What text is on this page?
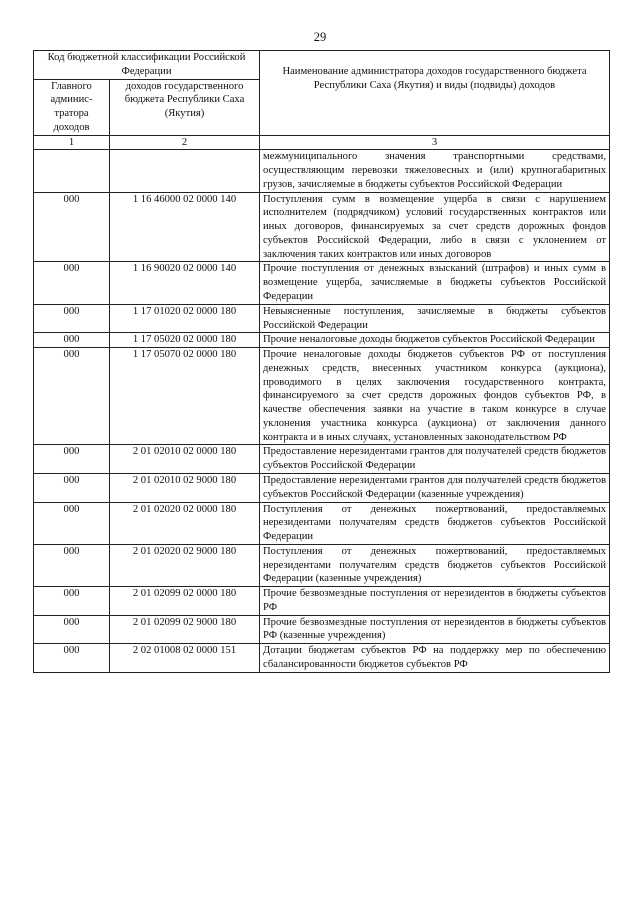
29
Код бюджетной классификации Российской Федерации		Наименование администратора доходов государственного бюджета Республики Саха (Якутия) и виды (подвиды) доходов
Главного админис-тратора доходов	доходов государственного бюджета Республики Саха (Якутия)	
1	2	3
		межмуниципального значения транспортными средствами, осуществляющим перевозки тяжеловесных и (или) крупногабаритных грузов, зачисляемые в бюджеты субъектов Российской Федерации
000	1 16 46000 02 0000 140	Поступления сумм в возмещение ущерба в связи с нарушением исполнителем (подрядчиком) условий государственных контрактов или иных договоров, финансируемых за счет средств дорожных фондов субъектов Российской Федерации, либо в связи с уклонением от заключения таких контрактов или иных договоров
000	1 16 90020 02 0000 140	Прочие поступления от денежных взысканий (штрафов) и иных сумм в возмещение ущерба, зачисляемые в бюджеты субъектов Российской Федерации
000	1 17 01020 02 0000 180	Невыясненные поступления, зачисляемые в бюджеты субъектов Российской Федерации
000	1 17 05020 02 0000 180	Прочие неналоговые доходы бюджетов субъектов Российской Федерации
000	1 17 05070 02 0000 180	Прочие неналоговые доходы бюджетов субъектов РФ от поступления денежных средств, внесенных участником конкурса (аукциона), проводимого в целях заключения государственного контракта, финансируемого за счет средств дорожных фондов субъектов РФ, в качестве обеспечения заявки на участие в таком конкурсе в случае уклонения участника конкурса (аукциона) от заключения данного контракта и в иных случаях, установленных законодательством РФ
000	2 01 02010 02 0000 180	Предоставление нерезидентами грантов для получателей средств бюджетов субъектов Российской Федерации
000	2 01 02010 02 9000 180	Предоставление нерезидентами грантов для получателей средств бюджетов субъектов Российской Федерации (казенные учреждения)
000	2 01 02020 02 0000 180	Поступления от денежных пожертвований, предоставляемых нерезидентами получателям средств бюджетов субъектов Российской Федерации
000	2 01 02020 02 9000 180	Поступления от денежных пожертвований, предоставляемых нерезидентами получателям средств бюджетов субъектов Российской Федерации (казенные учреждения)
000	2 01 02099 02 0000 180	Прочие безвозмездные поступления от нерезидентов в бюджеты субъектов РФ
000	2 01 02099 02 9000 180	Прочие безвозмездные поступления от нерезидентов в бюджеты субъектов РФ (казенные учреждения)
000	2 02 01008 02 0000 151	Дотации бюджетам субъектов РФ на поддержку мер по обеспечению сбалансированности бюджетов субъектов РФ
